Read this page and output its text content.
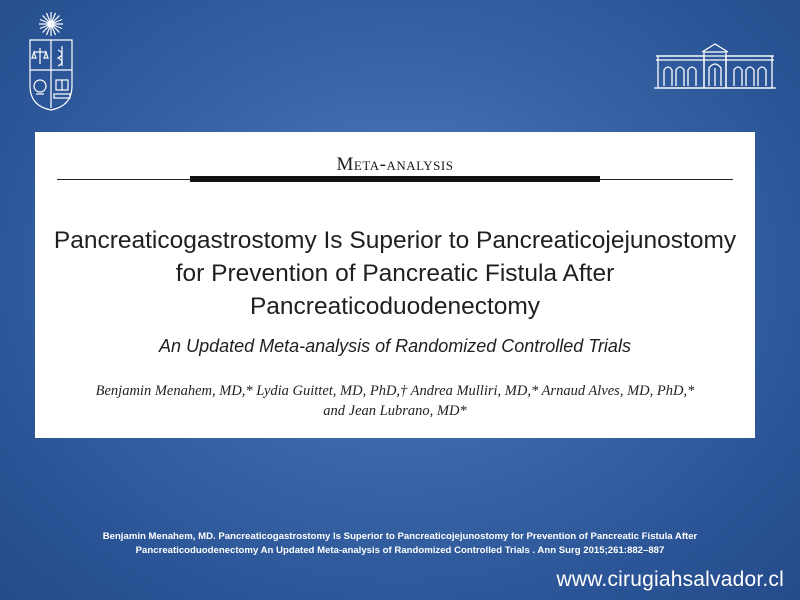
Meta-analysis
Pancreaticogastrostomy Is Superior to Pancreaticojejunostomy
for Prevention of Pancreatic Fistula After
Pancreaticoduodenectomy
An Updated Meta-analysis of Randomized Controlled Trials
Benjamin Menahem, MD,* Lydia Guittet, MD, PhD,† Andrea Mulliri, MD,* Arnaud Alves, MD, PhD,*
and Jean Lubrano, MD*
Benjamin Menahem, MD. Pancreaticogastrostomy Is Superior to Pancreaticojejunostomy for Prevention of Pancreatic Fistula After
Pancreaticoduodenectomy An Updated Meta-analysis of Randomized Controlled Trials . Ann Surg 2015;261:882–887
www.cirugiahsalvador.cl
